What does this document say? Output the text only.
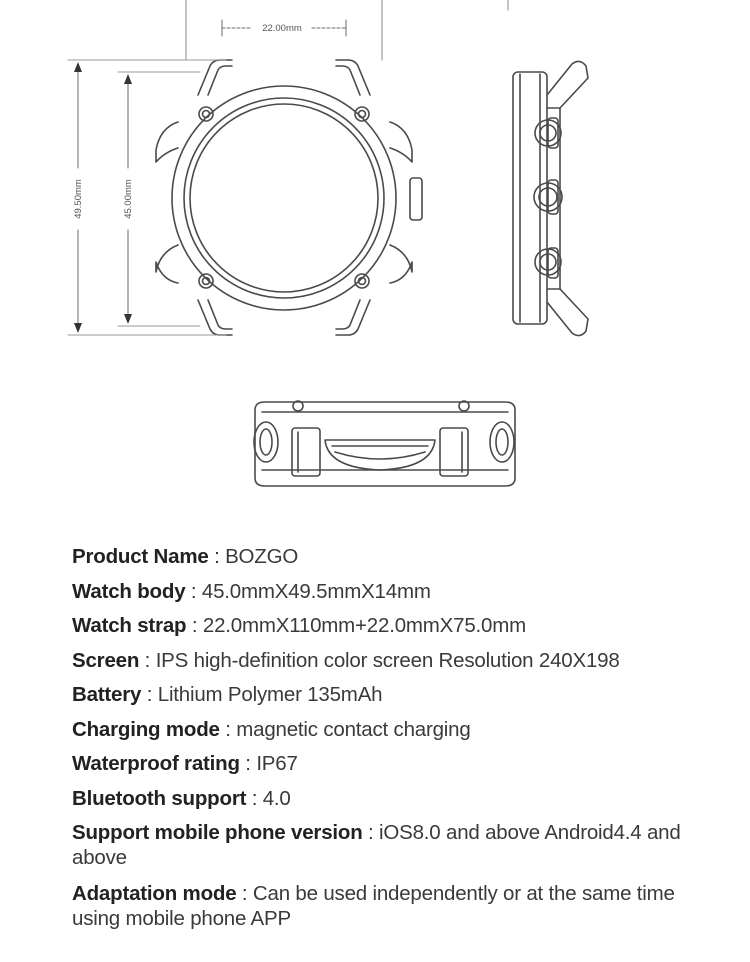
22.00mm
49.50mm	45.00mm
Product Name : BOZGO
Watch body : 45.0mmX49.5mmX14mm
Watch strap : 22.0mmX110mm+22.0mmX75.0mm
Screen : IPS high-definition color screen Resolution 240X198
Battery : Lithium Polymer 135mAh
Charging mode : magnetic contact charging
Waterproof rating : IP67
Bluetooth support : 4.0
Support mobile phone version : iOS8.0 and above Android4.4 and above
Adaptation mode : Can be used independently or at the same time using mobile phone APP
